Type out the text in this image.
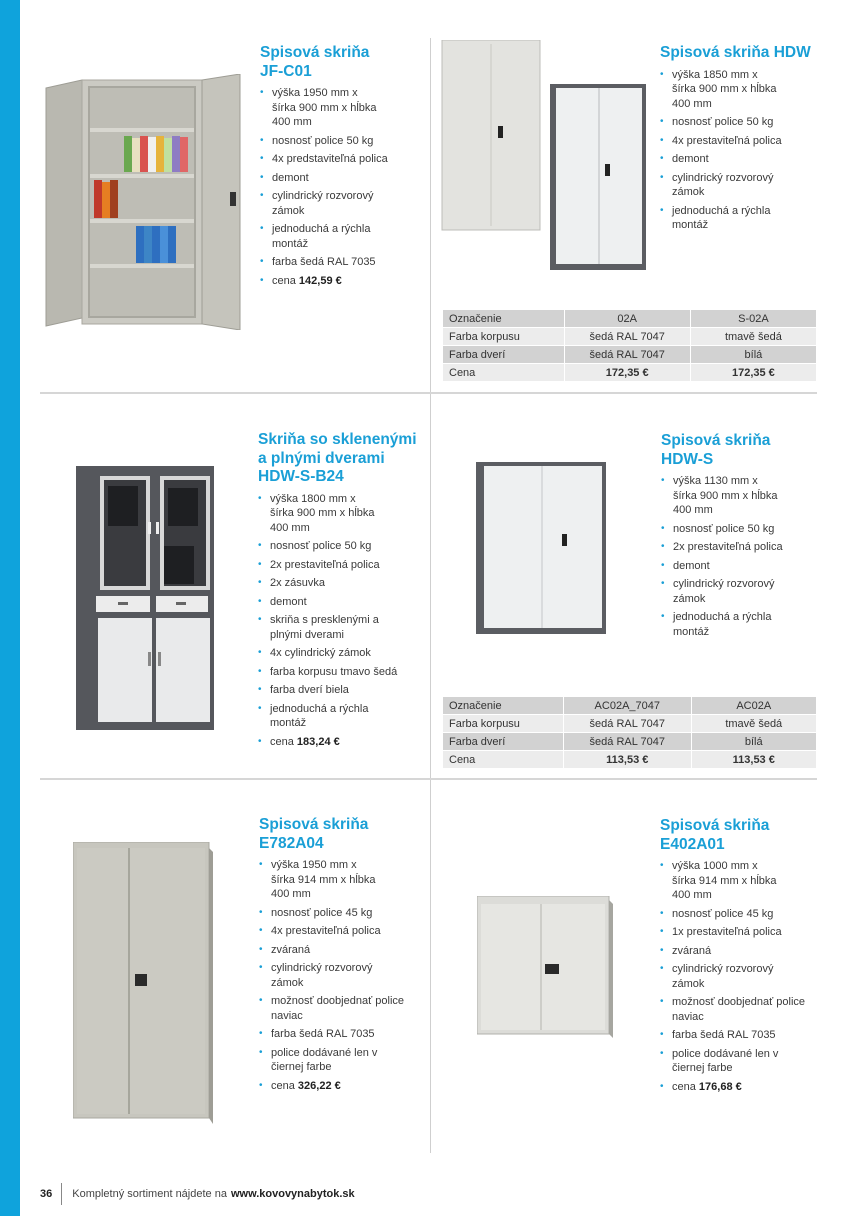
Spisová skriňa
JF-C01
• výška 1950 mm x šírka 900 mm x hĺbka 400 mm
• nosnosť police 50 kg
• 4x predstaviteľná polica
• demont
• cylindrický rozvorový zámok
• jednoduchá a rýchla montáž
• farba šedá RAL 7035
• cena 142,59 €
Spisová skriňa HDW
• výška 1850 mm x šírka 900 mm x hĺbka 400 mm
• nosnosť police 50 kg
• 4x prestaviteľná polica
• demont
• cylindrický rozvorový zámok
• jednoduchá a rýchla montáž
Označenie	02A	S-02A
Farba korpusu	šedá RAL 7047	tmavě šedá
Farba dverí	šedá RAL 7047	bílá
Cena	172,35 €	172,35 €
Skriňa so sklenenými
a plnými dverami
HDW-S-B24
• výška 1800 mm x šírka 900 mm x hĺbka 400 mm
• nosnosť police 50 kg
• 2x prestaviteľná polica
• 2x zásuvka
• demont
• skriňa s presklenými a plnými dverami
• 4x cylindrický zámok
• farba korpusu tmavo šedá
• farba dverí biela
• jednoduchá a rýchla montáž
• cena 183,24 €
Spisová skriňa
HDW-S
• výška 1130 mm x šírka 900 mm x hĺbka 400 mm
• nosnosť police 50 kg
• 2x prestaviteľná polica
• demont
• cylindrický rozvorový zámok
• jednoduchá a rýchla montáž
Označenie	AC02A_7047	AC02A
Farba korpusu	šedá RAL 7047	tmavě šedá
Farba dverí	šedá RAL 7047	bílá
Cena	113,53 €	113,53 €
Spisová skriňa
E782A04
• výška 1950 mm x šírka 914 mm x hĺbka 400 mm
• nosnosť police 45 kg
• 4x prestaviteľná polica
• zváraná
• cylindrický rozvorový zámok
• možnosť doobjednať police naviac
• farba šedá RAL 7035
• police dodávané len v čiernej farbe
• cena 326,22 €
Spisová skriňa
E402A01
• výška 1000 mm x šírka 914 mm x hĺbka 400 mm
• nosnosť police 45 kg
• 1x prestaviteľná polica
• zváraná
• cylindrický rozvorový zámok
• možnosť doobjednať police naviac
• farba šedá RAL 7035
• police dodávané len v čiernej farbe
• cena 176,68 €
36 Kompletný sortiment nájdete na www.kovovynabytok.sk
